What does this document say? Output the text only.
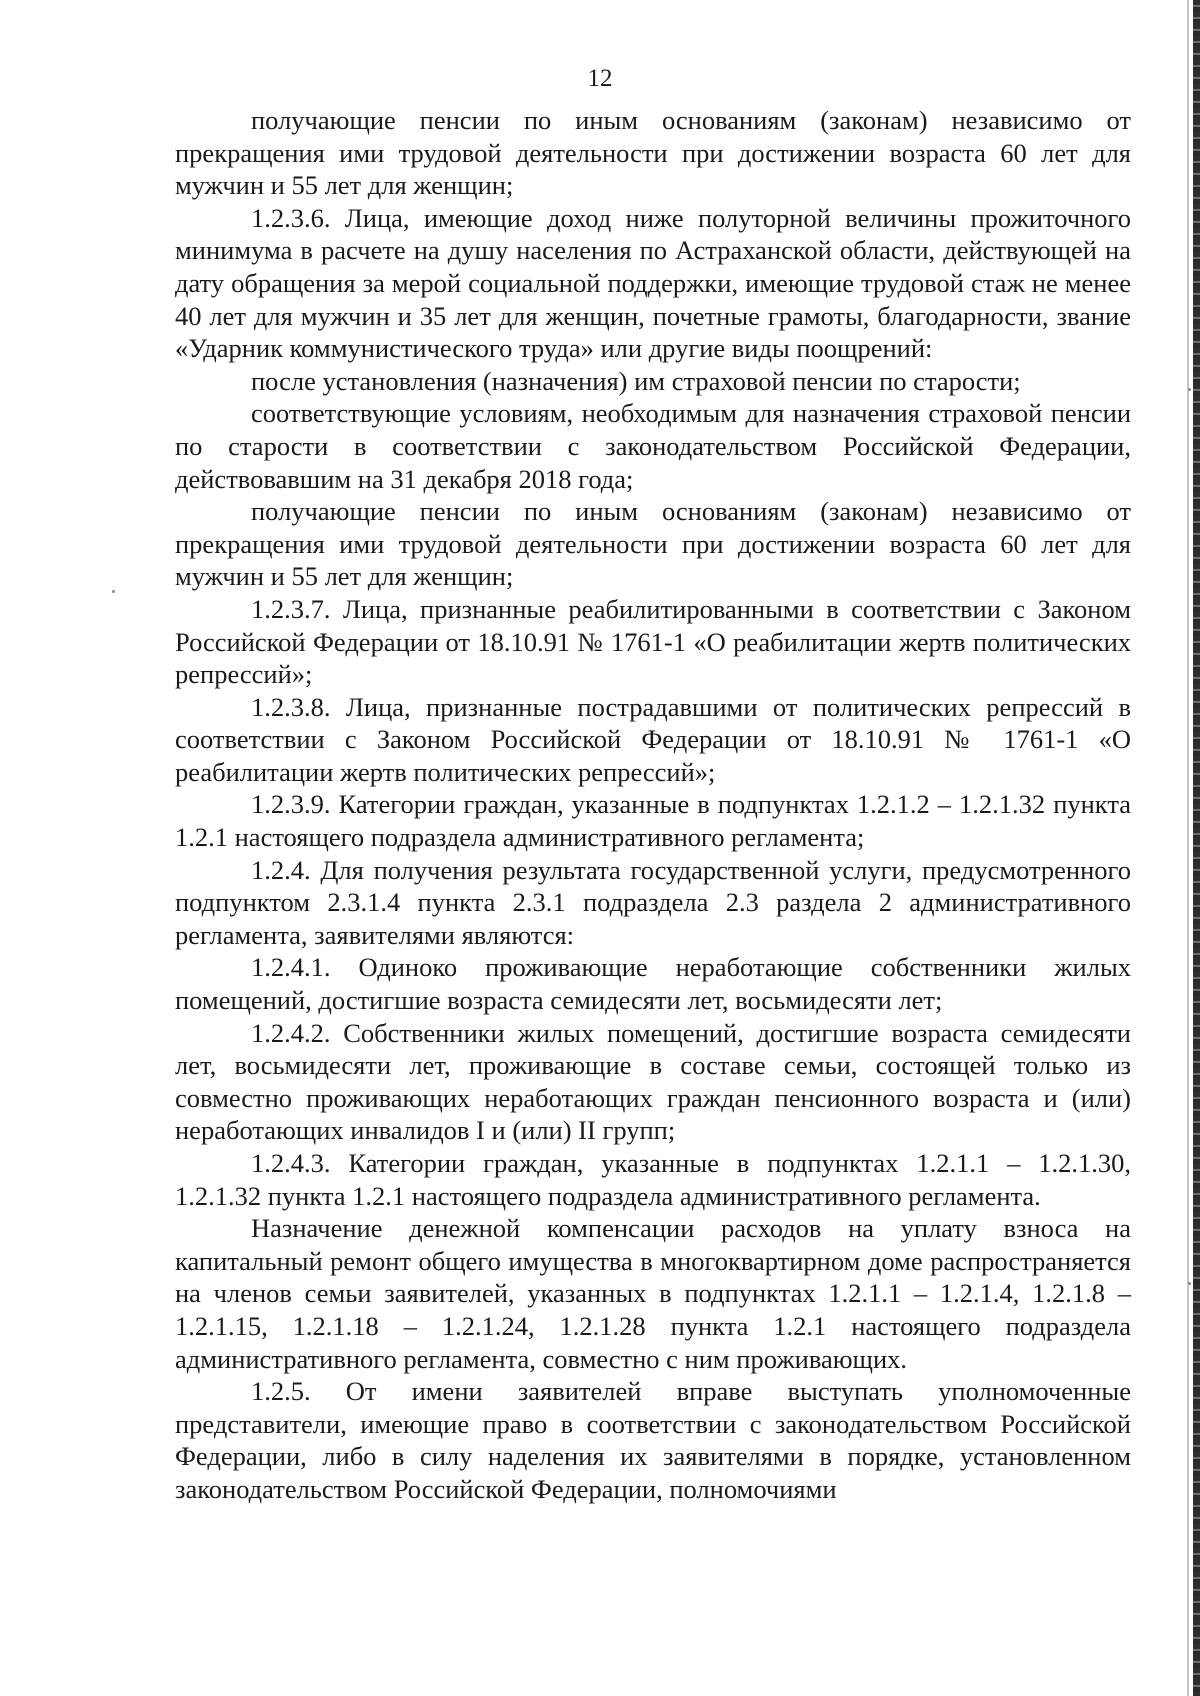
12

получающие пенсии по иным основаниям (законам) независимо от прекращения ими трудовой деятельности при достижении возраста 60 лет для мужчин и 55 лет для женщин;

1.2.3.6. Лица, имеющие доход ниже полуторной величины прожиточного минимума в расчете на душу населения по Астраханской области, действующей на дату обращения за мерой социальной поддержки, имеющие трудовой стаж не менее 40 лет для мужчин и 35 лет для женщин, почетные грамоты, благодарности, звание «Ударник коммунистического труда» или другие виды поощрений:

после установления (назначения) им страховой пенсии по старости;

соответствующие условиям, необходимым для назначения страховой пенсии по старости в соответствии с законодательством Российской Федерации, действовавшим на 31 декабря 2018 года;

получающие пенсии по иным основаниям (законам) независимо от прекращения ими трудовой деятельности при достижении возраста 60 лет для мужчин и 55 лет для женщин;

1.2.3.7. Лица, признанные реабилитированными в соответствии с Законом Российской Федерации от 18.10.91 № 1761-1 «О реабилитации жертв политических репрессий»;

1.2.3.8. Лица, признанные пострадавшими от политических репрессий в соответствии с Законом Российской Федерации от 18.10.91 № 1761-1 «О реабилитации жертв политических репрессий»;

1.2.3.9. Категории граждан, указанные в подпунктах 1.2.1.2 – 1.2.1.32 пункта 1.2.1 настоящего подраздела административного регламента;

1.2.4. Для получения результата государственной услуги, предусмотренного подпунктом 2.3.1.4 пункта 2.3.1 подраздела 2.3 раздела 2 административного регламента, заявителями являются:

1.2.4.1. Одиноко проживающие неработающие собственники жилых помещений, достигшие возраста семидесяти лет, восьмидесяти лет;

1.2.4.2. Собственники жилых помещений, достигшие возраста семидесяти лет, восьмидесяти лет, проживающие в составе семьи, состоящей только из совместно проживающих неработающих граждан пенсионного возраста и (или) неработающих инвалидов I и (или) II групп;

1.2.4.3. Категории граждан, указанные в подпунктах 1.2.1.1 – 1.2.1.30, 1.2.1.32 пункта 1.2.1 настоящего подраздела административного регламента.

Назначение денежной компенсации расходов на уплату взноса на капитальный ремонт общего имущества в многоквартирном доме распространяется на членов семьи заявителей, указанных в подпунктах 1.2.1.1 – 1.2.1.4, 1.2.1.8 – 1.2.1.15, 1.2.1.18 – 1.2.1.24, 1.2.1.28 пункта 1.2.1 настоящего подраздела административного регламента, совместно с ним проживающих.

1.2.5. От имени заявителей вправе выступать уполномоченные представители, имеющие право в соответствии с законодательством Российской Федерации, либо в силу наделения их заявителями в порядке, установленном законодательством Российской Федерации, полномочиями
